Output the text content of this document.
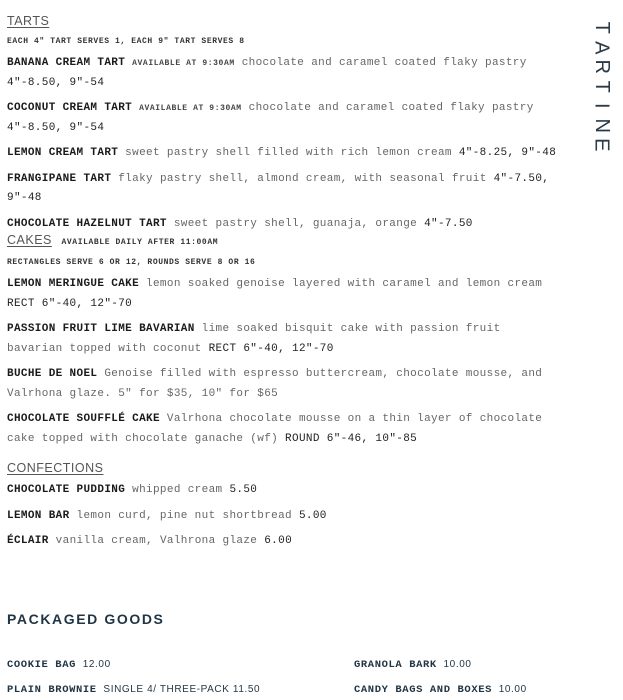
T
A
R
T
I
N
E
TARTS
EACH 4" TART SERVES 1, EACH 9" TART SERVES 8
BANANA CREAM TART AVAILABLE AT 9:30AM chocolate and caramel coated flaky pastry
4"-8.50, 9"-54
COCONUT CREAM TART AVAILABLE AT 9:30AM chocolate and caramel coated flaky pastry
4"-8.50, 9"-54
LEMON CREAM TART sweet pastry shell filled with rich lemon cream 4"-8.25, 9"-48
FRANGIPANE TART flaky pastry shell, almond cream, with seasonal fruit 4"-7.50, 9"-48
CHOCOLATE HAZELNUT TART sweet pastry shell, guanaja, orange 4"-7.50
CAKES AVAILABLE DAILY AFTER 11:00AM
RECTANGLES SERVE 6 OR 12, ROUNDS SERVE 8 OR 16
LEMON MERINGUE CAKE lemon soaked genoise layered with caramel and lemon cream
RECT 6"-40, 12"-70
PASSION FRUIT LIME BAVARIAN lime soaked bisquit cake with passion fruit bavarian topped with coconut RECT 6"-40, 12"-70
BUCHE DE NOEL Genoise filled with espresso buttercream, chocolate mousse, and Valrhona glaze. 5" for $35, 10" for $65
CHOCOLATE SOUFFLÉ CAKE Valrhona chocolate mousse on a thin layer of chocolate cake topped with chocolate ganache (wf) ROUND 6"-46, 10"-85
CONFECTIONS
CHOCOLATE PUDDING whipped cream 5.50
LEMON BAR lemon curd, pine nut shortbread 5.00
ÉCLAIR vanilla cream, Valhrona glaze 6.00
PACKAGED GOODS
COOKIE BAG 12.00	GRANOLA BARK 10.00
PLAIN BROWNIE SINGLE 4/ THREE-PACK 11.50	CANDY BAGS AND BOXES 10.00
